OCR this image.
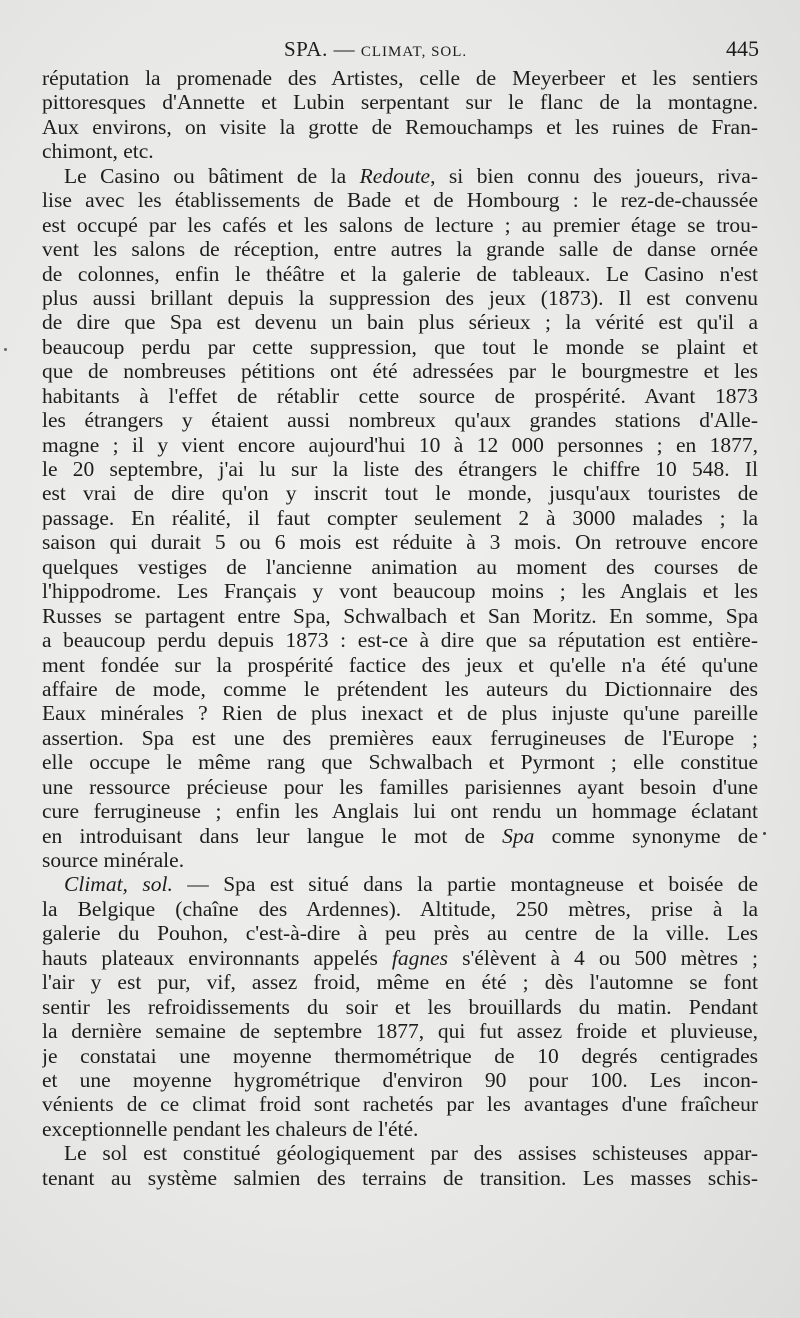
SPA. — CLIMAT, SOL.	445
réputation la promenade des Artistes, celle de Meyerbeer et les sentiers
pittoresques d'Annette et Lubin serpentant sur le flanc de la montagne.
Aux environs, on visite la grotte de Remouchamps et les ruines de Fran-
chimont, etc.
Le Casino ou bâtiment de la Redoute, si bien connu des joueurs, riva-
lise avec les établissements de Bade et de Hombourg : le rez-de-chaussée
est occupé par les cafés et les salons de lecture ; au premier étage se trou-
vent les salons de réception, entre autres la grande salle de danse ornée
de colonnes, enfin le théâtre et la galerie de tableaux. Le Casino n'est
plus aussi brillant depuis la suppression des jeux (1873). Il est convenu
de dire que Spa est devenu un bain plus sérieux ; la vérité est qu'il a
beaucoup perdu par cette suppression, que tout le monde se plaint et
que de nombreuses pétitions ont été adressées par le bourgmestre et les
habitants à l'effet de rétablir cette source de prospérité. Avant 1873
les étrangers y étaient aussi nombreux qu'aux grandes stations d'Alle-
magne ; il y vient encore aujourd'hui 10 à 12 000 personnes ; en 1877,
le 20 septembre, j'ai lu sur la liste des étrangers le chiffre 10 548. Il
est vrai de dire qu'on y inscrit tout le monde, jusqu'aux touristes de
passage. En réalité, il faut compter seulement 2 à 3000 malades ; la
saison qui durait 5 ou 6 mois est réduite à 3 mois. On retrouve encore
quelques vestiges de l'ancienne animation au moment des courses de
l'hippodrome. Les Français y vont beaucoup moins ; les Anglais et les
Russes se partagent entre Spa, Schwalbach et San Moritz. En somme, Spa
a beaucoup perdu depuis 1873 : est-ce à dire que sa réputation est entière-
ment fondée sur la prospérité factice des jeux et qu'elle n'a été qu'une
affaire de mode, comme le prétendent les auteurs du Dictionnaire des
Eaux minérales ? Rien de plus inexact et de plus injuste qu'une pareille
assertion. Spa est une des premières eaux ferrugineuses de l'Europe ;
elle occupe le même rang que Schwalbach et Pyrmont ; elle constitue
une ressource précieuse pour les familles parisiennes ayant besoin d'une
cure ferrugineuse ; enfin les Anglais lui ont rendu un hommage éclatant
en introduisant dans leur langue le mot de Spa comme synonyme de
source minérale.
Climat, sol. — Spa est situé dans la partie montagneuse et boisée de
la Belgique (chaîne des Ardennes). Altitude, 250 mètres, prise à la
galerie du Pouhon, c'est-à-dire à peu près au centre de la ville. Les
hauts plateaux environnants appelés fagnes s'élèvent à 4 ou 500 mètres ;
l'air y est pur, vif, assez froid, même en été ; dès l'automne se font
sentir les refroidissements du soir et les brouillards du matin. Pendant
la dernière semaine de septembre 1877, qui fut assez froide et pluvieuse,
je constatai une moyenne thermométrique de 10 degrés centigrades
et une moyenne hygrométrique d'environ 90 pour 100. Les incon-
vénients de ce climat froid sont rachetés par les avantages d'une fraîcheur
exceptionnelle pendant les chaleurs de l'été.
Le sol est constitué géologiquement par des assises schisteuses appar-
tenant au système salmien des terrains de transition. Les masses schis-
